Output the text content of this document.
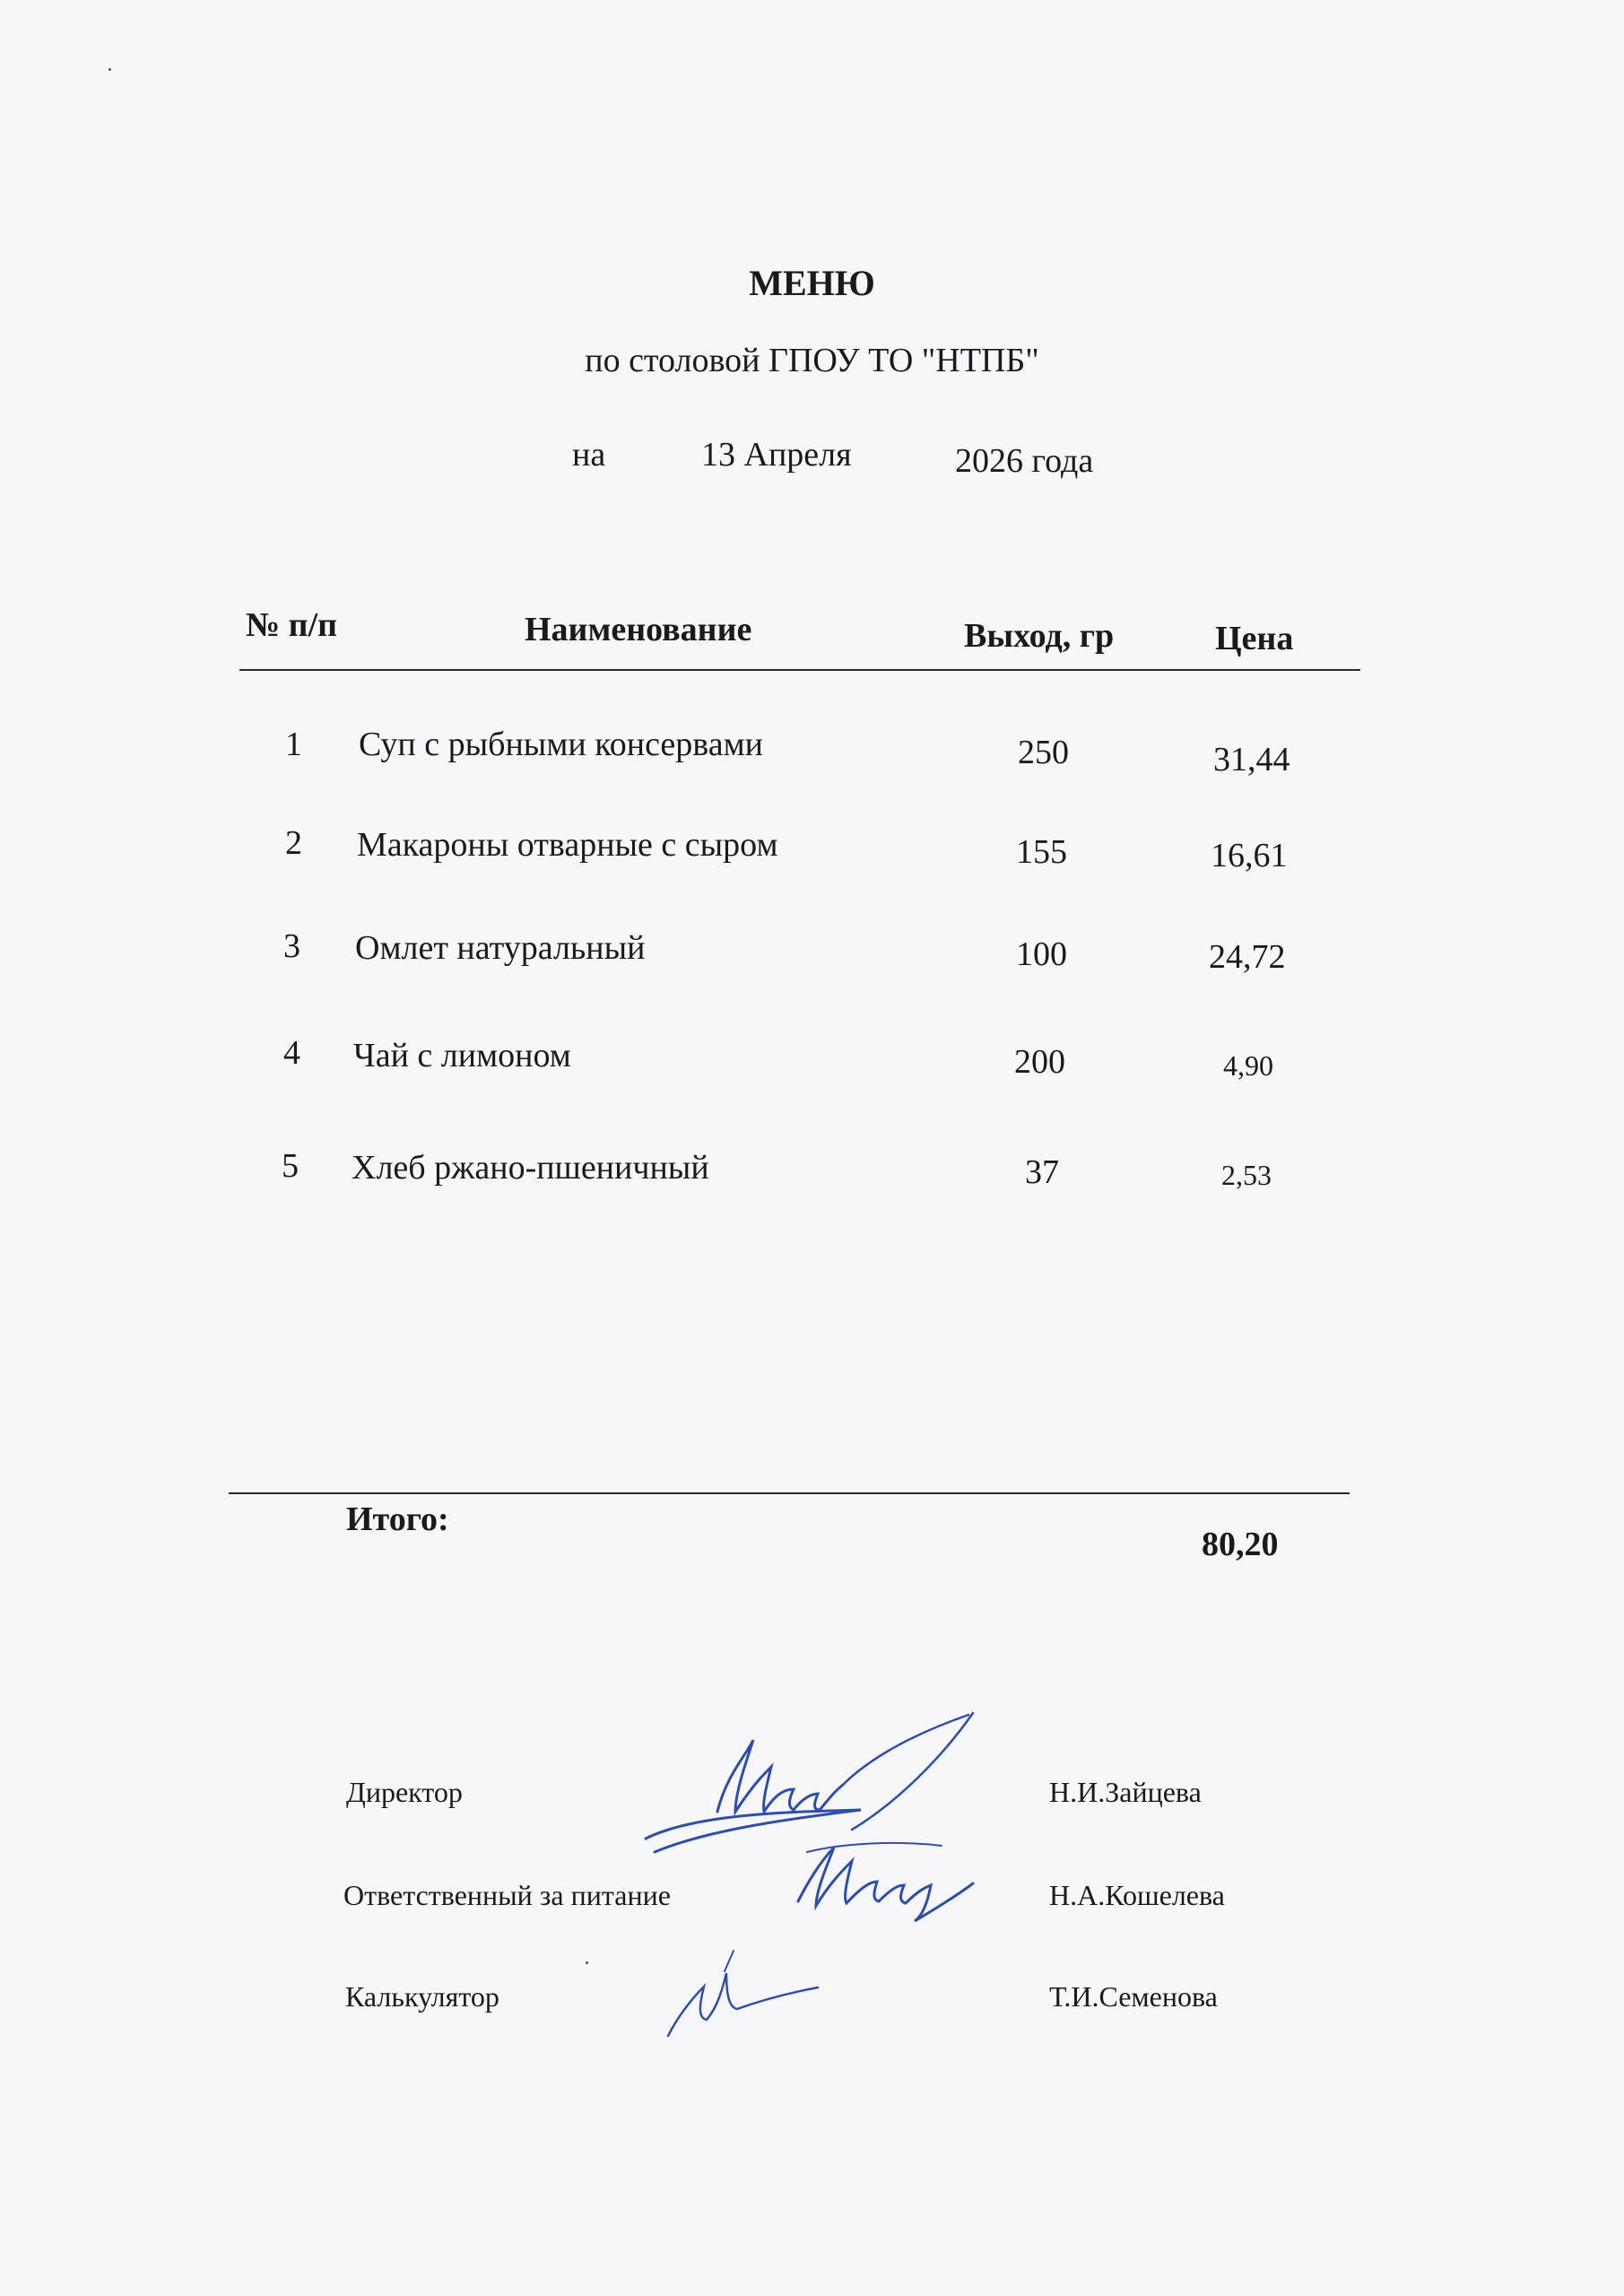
МЕНЮ
по столовой ГПОУ ТО "НТПБ"
на	13 Апреля	2026 года
№ п/п	Наименование	Выход, гр	Цена
1 Суп с рыбными консервами	250	31,44
2 Макароны отварные с сыром	155	16,61
3 Омлет натуральный	100	24,72
4 Чай с лимоном	200	4,90
5 Хлеб ржано-пшеничный	37	2,53
Итого:
80,20
Директор	Н.И.Зайцева
Ответственный за питание	Н.А.Кошелева
Калькулятор	Т.И.Семенова
